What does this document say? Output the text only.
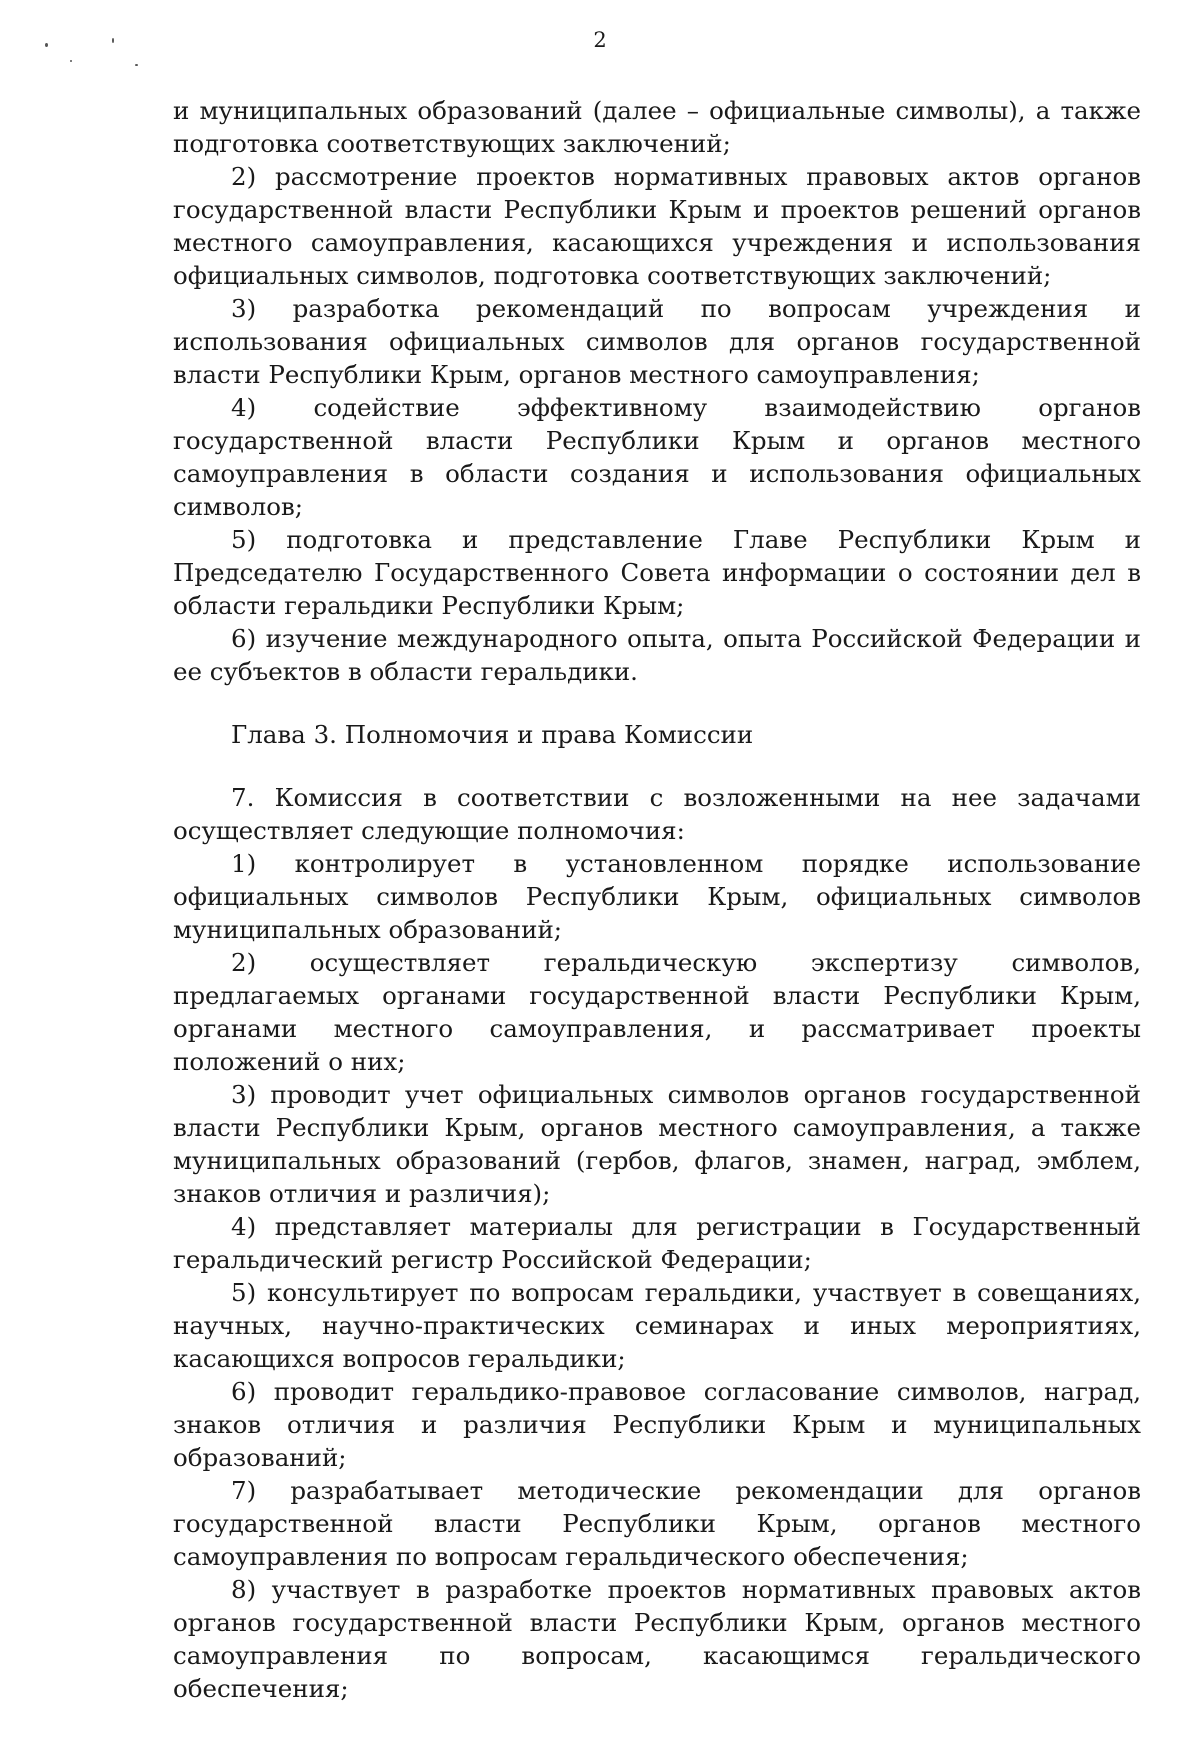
2

и муниципальных образований (далее – официальные символы), а также подготовка соответствующих заключений;

2) рассмотрение проектов нормативных правовых актов органов государственной власти Республики Крым и проектов решений органов местного самоуправления, касающихся учреждения и использования официальных символов, подготовка соответствующих заключений;

3) разработка рекомендаций по вопросам учреждения и использования официальных символов для органов государственной власти Республики Крым, органов местного самоуправления;

4) содействие эффективному взаимодействию органов государственной власти Республики Крым и органов местного самоуправления в области создания и использования официальных символов;

5) подготовка и представление Главе Республики Крым и Председателю Государственного Совета информации о состоянии дел в области геральдики Республики Крым;

6) изучение международного опыта, опыта Российской Федерации и ее субъектов в области геральдики.

Глава 3. Полномочия и права Комиссии

7. Комиссия в соответствии с возложенными на нее задачами осуществляет следующие полномочия:

1) контролирует в установленном порядке использование официальных символов Республики Крым, официальных символов муниципальных образований;

2) осуществляет геральдическую экспертизу символов, предлагаемых органами государственной власти Республики Крым, органами местного самоуправления, и рассматривает проекты положений о них;

3) проводит учет официальных символов органов государственной власти Республики Крым, органов местного самоуправления, а также муниципальных образований (гербов, флагов, знамен, наград, эмблем, знаков отличия и различия);

4) представляет материалы для регистрации в Государственный геральдический регистр Российской Федерации;

5) консультирует по вопросам геральдики, участвует в совещаниях, научных, научно-практических семинарах и иных мероприятиях, касающихся вопросов геральдики;

6) проводит геральдико-правовое согласование символов, наград, знаков отличия и различия Республики Крым и муниципальных образований;

7) разрабатывает методические рекомендации для органов государственной власти Республики Крым, органов местного самоуправления по вопросам геральдического обеспечения;

8) участвует в разработке проектов нормативных правовых актов органов государственной власти Республики Крым, органов местного самоуправления по вопросам, касающимся геральдического обеспечения;
